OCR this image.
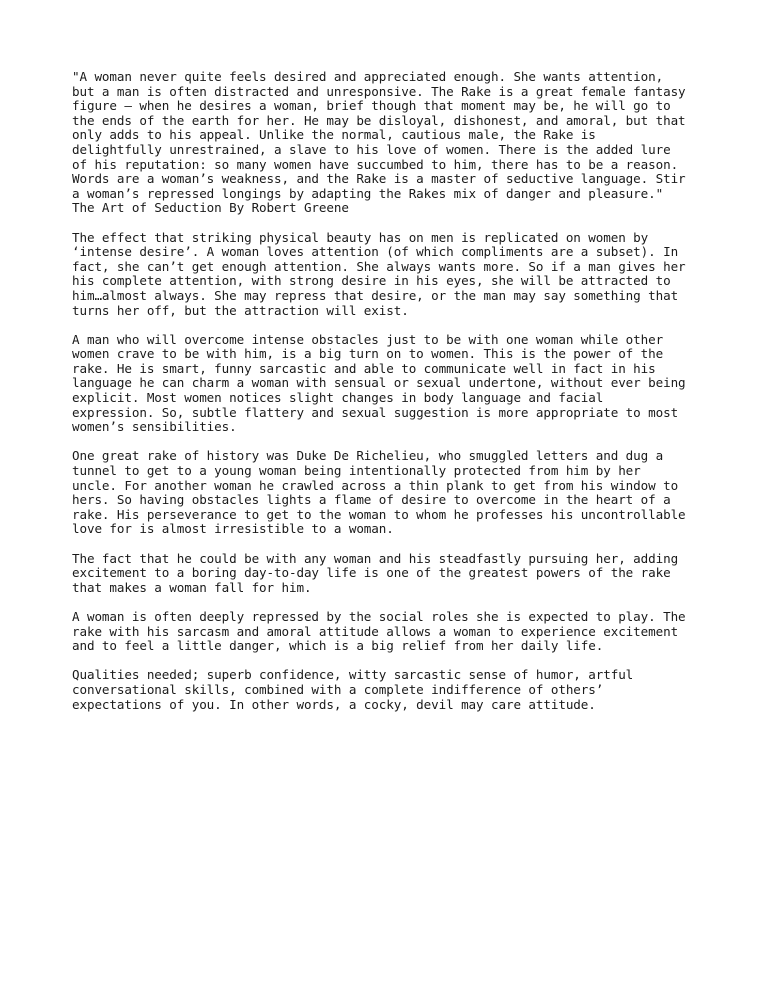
"A woman never quite feels desired and appreciated enough. She wants attention,
but a man is often distracted and unresponsive. The Rake is a great female fantasy
figure – when he desires a woman, brief though that moment may be, he will go to
the ends of the earth for her. He may be disloyal, dishonest, and amoral, but that
only adds to his appeal. Unlike the normal, cautious male, the Rake is
delightfully unrestrained, a slave to his love of women. There is the added lure
of his reputation: so many women have succumbed to him, there has to be a reason.
Words are a woman’s weakness, and the Rake is a master of seductive language. Stir
a woman’s repressed longings by adapting the Rakes mix of danger and pleasure."
The Art of Seduction By Robert Greene
The effect that striking physical beauty has on men is replicated on women by
‘intense desire’. A woman loves attention (of which compliments are a subset). In
fact, she can’t get enough attention. She always wants more. So if a man gives her
his complete attention, with strong desire in his eyes, she will be attracted to
him…almost always. She may repress that desire, or the man may say something that
turns her off, but the attraction will exist.
A man who will overcome intense obstacles just to be with one woman while other
women crave to be with him, is a big turn on to women. This is the power of the
rake. He is smart, funny sarcastic and able to communicate well in fact in his
language he can charm a woman with sensual or sexual undertone, without ever being
explicit. Most women notices slight changes in body language and facial
expression. So, subtle flattery and sexual suggestion is more appropriate to most
women’s sensibilities.
One great rake of history was Duke De Richelieu, who smuggled letters and dug a
tunnel to get to a young woman being intentionally protected from him by her
uncle. For another woman he crawled across a thin plank to get from his window to
hers. So having obstacles lights a flame of desire to overcome in the heart of a
rake. His perseverance to get to the woman to whom he professes his uncontrollable
love for is almost irresistible to a woman.
The fact that he could be with any woman and his steadfastly pursuing her, adding
excitement to a boring day-to-day life is one of the greatest powers of the rake
that makes a woman fall for him.
A woman is often deeply repressed by the social roles she is expected to play. The
rake with his sarcasm and amoral attitude allows a woman to experience excitement
and to feel a little danger, which is a big relief from her daily life.
Qualities needed; superb confidence, witty sarcastic sense of humor, artful
conversational skills, combined with a complete indifference of others’
expectations of you. In other words, a cocky, devil may care attitude.
